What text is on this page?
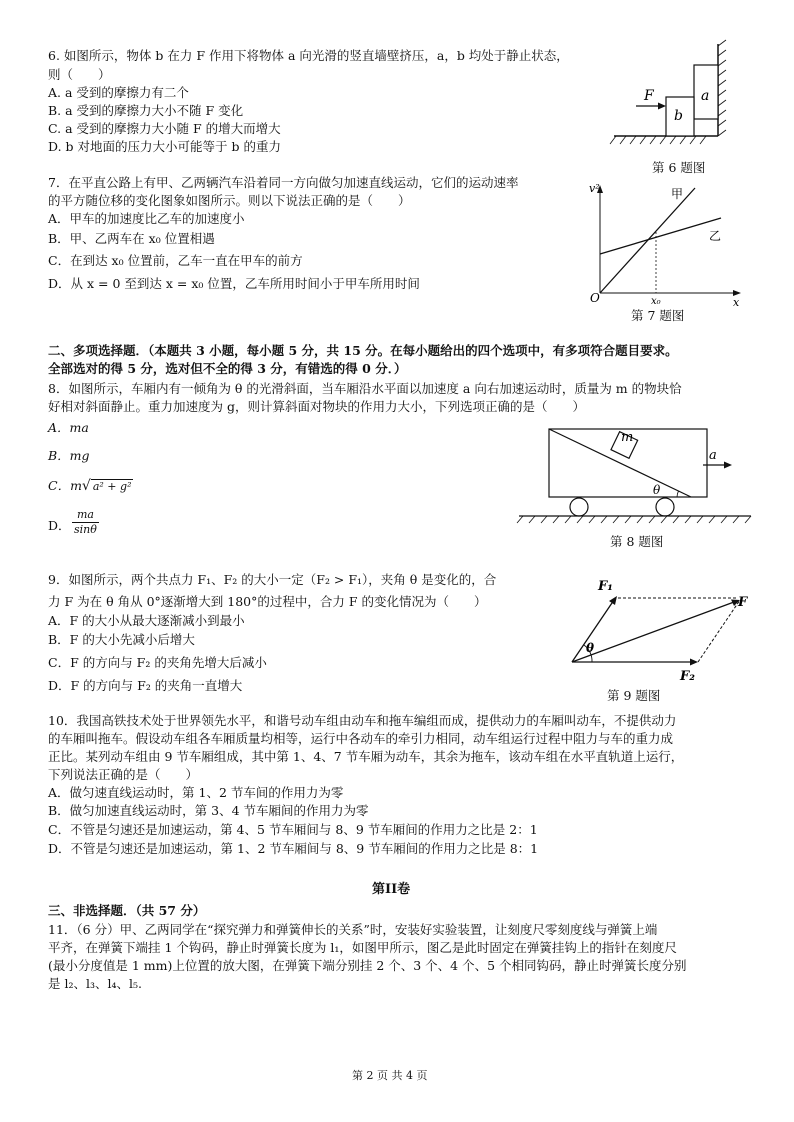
6. 如图所示，物体 b 在力 F 作用下将物体 a 向光滑的竖直墙壁挤压，a，b 均处于静止状态，
则（　　）
A. a 受到的摩擦力有二个
B. a 受到的摩擦力大小不随 F 变化
C. a 受到的摩擦力大小随 F 的增大而增大
D. b 对地面的压力大小可能等于 b 的重力
F	a
b
第 6 题图
7．在平直公路上有甲、乙两辆汽车沿着同一方向做匀加速直线运动，它们的运动速率
的平方随位移的变化图象如图所示。则以下说法正确的是（　　）
A．甲车的加速度比乙车的加速度小
B．甲、乙两车在 x₀ 位置相遇
C．在到达 x₀ 位置前，乙车一直在甲车的前方
D．从 x = 0 至到达 x = x₀ 位置，乙车所用时间小于甲车所用时间
v²
x
O	x₀
甲
乙
第 7 题图
二、多项选择题．（本题共 3 小题，每小题 5 分，共 15 分。在每小题给出的四个选项中，有多项符合题目要求。
全部选对的得 5 分，选对但不全的得 3 分，有错选的得 0 分．）
8．如图所示，车厢内有一倾角为 θ 的光滑斜面，当车厢沿水平面以加速度 a 向右加速运动时，质量为 m 的物块恰
好相对斜面静止。重力加速度为 g，则计算斜面对物块的作用力大小，下列选项正确的是（　　）
A．ma
B．mg
C．m√ a² + g²
D． $\frac{ma}{\sin\theta}$
m
θ
a
第 8 题图
9．如图所示，两个共点力 F₁、F₂ 的大小一定（F₂ > F₁），夹角 θ 是变化的，合
力 F 为在 θ 角从 0°逐渐增大到 180°的过程中，合力 F 的变化情况为（　　）
A．F 的大小从最大逐渐减小到最小
B．F 的大小先减小后增大
C．F 的方向与 F₂ 的夹角先增大后减小
D．F 的方向与 F₂ 的夹角一直增大
F₁
F₂
F
θ
第 9 题图
10．我国高铁技术处于世界领先水平，和谐号动车组由动车和拖车编组而成，提供动力的车厢叫动车，不提供动力
的车厢叫拖车。假设动车组各车厢质量均相等，运行中各动车的牵引力相同，动车组运行过程中阻力与车的重力成
正比。某列动车组由 9 节车厢组成，其中第 1、4、7 节车厢为动车，其余为拖车，该动车组在水平直轨道上运行，
下列说法正确的是（　　）
A．做匀速直线运动时，第 1、2 节车间的作用力为零
B．做匀加速直线运动时，第 3、4 节车厢间的作用力为零
C．不管是匀速还是加速运动，第 4、5 节车厢间与 8、9 节车厢间的作用力之比是 2：1
D．不管是匀速还是加速运动，第 1、2 节车厢间与 8、9 节车厢间的作用力之比是 8：1
第II卷
三、非选择题．（共 57 分）
11．（6 分）甲、乙两同学在“探究弹力和弹簧伸长的关系”时，安装好实验装置，让刻度尺零刻度线与弹簧上端
平齐，在弹簧下端挂 1 个钩码，静止时弹簧长度为 l₁，如图甲所示，图乙是此时固定在弹簧挂钩上的指针在刻度尺
(最小分度值是 1 mm)上位置的放大图，在弹簧下端分别挂 2 个、3 个、4 个、5 个相同钩码，静止时弹簧长度分别
是 l₂、l₃、l₄、l₅.
第 2 页 共 4 页
